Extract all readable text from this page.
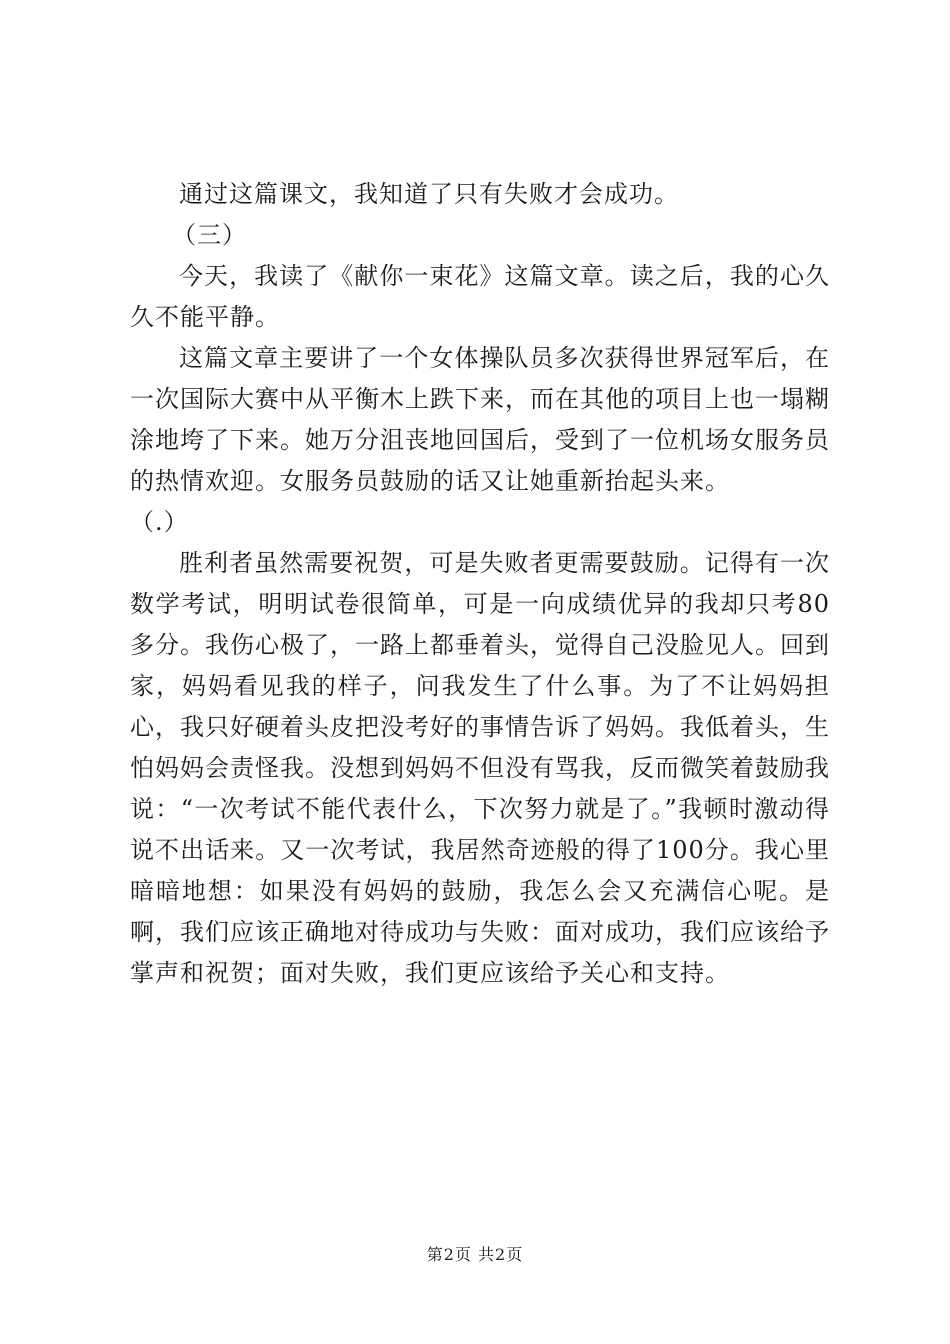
通过这篇课文，我知道了只有失败才会成功。

（三）

今天，我读了《献你一束花》这篇文章。读之后，我的心久久不能平静。

这篇文章主要讲了一个女体操队员多次获得世界冠军后，在一次国际大赛中从平衡木上跌下来，而在其他的项目上也一塌糊涂地垮了下来。她万分沮丧地回国后，受到了一位机场女服务员的热情欢迎。女服务员鼓励的话又让她重新抬起头来。

（.）

胜利者虽然需要祝贺，可是失败者更需要鼓励。记得有一次数学考试，明明试卷很简单，可是一向成绩优异的我却只考80多分。我伤心极了，一路上都垂着头，觉得自己没脸见人。回到家，妈妈看见我的样子，问我发生了什么事。为了不让妈妈担心，我只好硬着头皮把没考好的事情告诉了妈妈。我低着头，生怕妈妈会责怪我。没想到妈妈不但没有骂我，反而微笑着鼓励我说：“一次考试不能代表什么，下次努力就是了。”我顿时激动得说不出话来。又一次考试，我居然奇迹般的得了100分。我心里暗暗地想：如果没有妈妈的鼓励，我怎么会又充满信心呢。是啊，我们应该正确地对待成功与失败：面对成功，我们应该给予掌声和祝贺；面对失败，我们更应该给予关心和支持。

第2页 共2页
